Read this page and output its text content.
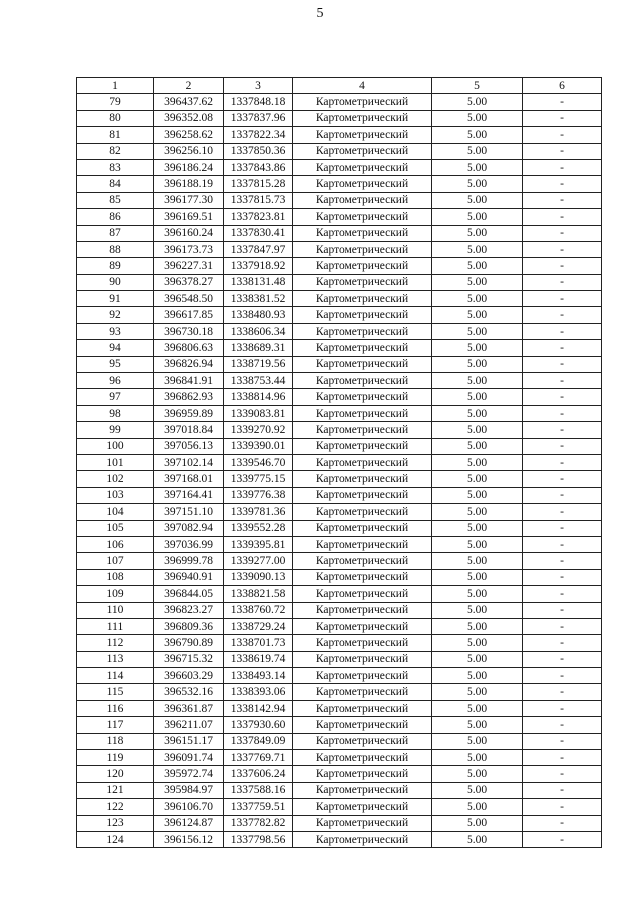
5
1	2	3	4	5	6
79	396437.62	1337848.18	Картометрический	5.00	-
80	396352.08	1337837.96	Картометрический	5.00	-
81	396258.62	1337822.34	Картометрический	5.00	-
82	396256.10	1337850.36	Картометрический	5.00	-
83	396186.24	1337843.86	Картометрический	5.00	-
84	396188.19	1337815.28	Картометрический	5.00	-
85	396177.30	1337815.73	Картометрический	5.00	-
86	396169.51	1337823.81	Картометрический	5.00	-
87	396160.24	1337830.41	Картометрический	5.00	-
88	396173.73	1337847.97	Картометрический	5.00	-
89	396227.31	1337918.92	Картометрический	5.00	-
90	396378.27	1338131.48	Картометрический	5.00	-
91	396548.50	1338381.52	Картометрический	5.00	-
92	396617.85	1338480.93	Картометрический	5.00	-
93	396730.18	1338606.34	Картометрический	5.00	-
94	396806.63	1338689.31	Картометрический	5.00	-
95	396826.94	1338719.56	Картометрический	5.00	-
96	396841.91	1338753.44	Картометрический	5.00	-
97	396862.93	1338814.96	Картометрический	5.00	-
98	396959.89	1339083.81	Картометрический	5.00	-
99	397018.84	1339270.92	Картометрический	5.00	-
100	397056.13	1339390.01	Картометрический	5.00	-
101	397102.14	1339546.70	Картометрический	5.00	-
102	397168.01	1339775.15	Картометрический	5.00	-
103	397164.41	1339776.38	Картометрический	5.00	-
104	397151.10	1339781.36	Картометрический	5.00	-
105	397082.94	1339552.28	Картометрический	5.00	-
106	397036.99	1339395.81	Картометрический	5.00	-
107	396999.78	1339277.00	Картометрический	5.00	-
108	396940.91	1339090.13	Картометрический	5.00	-
109	396844.05	1338821.58	Картометрический	5.00	-
110	396823.27	1338760.72	Картометрический	5.00	-
111	396809.36	1338729.24	Картометрический	5.00	-
112	396790.89	1338701.73	Картометрический	5.00	-
113	396715.32	1338619.74	Картометрический	5.00	-
114	396603.29	1338493.14	Картометрический	5.00	-
115	396532.16	1338393.06	Картометрический	5.00	-
116	396361.87	1338142.94	Картометрический	5.00	-
117	396211.07	1337930.60	Картометрический	5.00	-
118	396151.17	1337849.09	Картометрический	5.00	-
119	396091.74	1337769.71	Картометрический	5.00	-
120	395972.74	1337606.24	Картометрический	5.00	-
121	395984.97	1337588.16	Картометрический	5.00	-
122	396106.70	1337759.51	Картометрический	5.00	-
123	396124.87	1337782.82	Картометрический	5.00	-
124	396156.12	1337798.56	Картометрический	5.00	-
